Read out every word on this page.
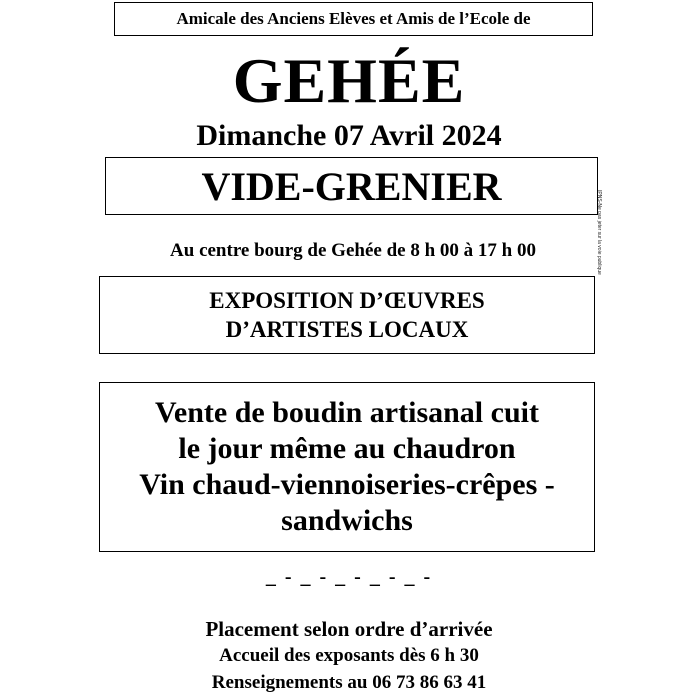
Amicale des Anciens Elèves et Amis de l’Ecole de
GEHÉE
Dimanche 07 Avril 2024
VIDE-GRENIER
IPNS-Ne pas jeter sur la voie publique
Au centre bourg de Gehée de 8 h 00 à 17 h 00
EXPOSITION D’ŒUVRES
D’ARTISTES LOCAUX
Vente de boudin artisanal cuit
le jour même au chaudron
Vin chaud-viennoiseries-crêpes -
sandwichs
_ - _ - _ - _ - _ -
Placement selon ordre d’arrivée
Accueil des exposants dès 6 h 30
Renseignements au 06 73 86 63 41
